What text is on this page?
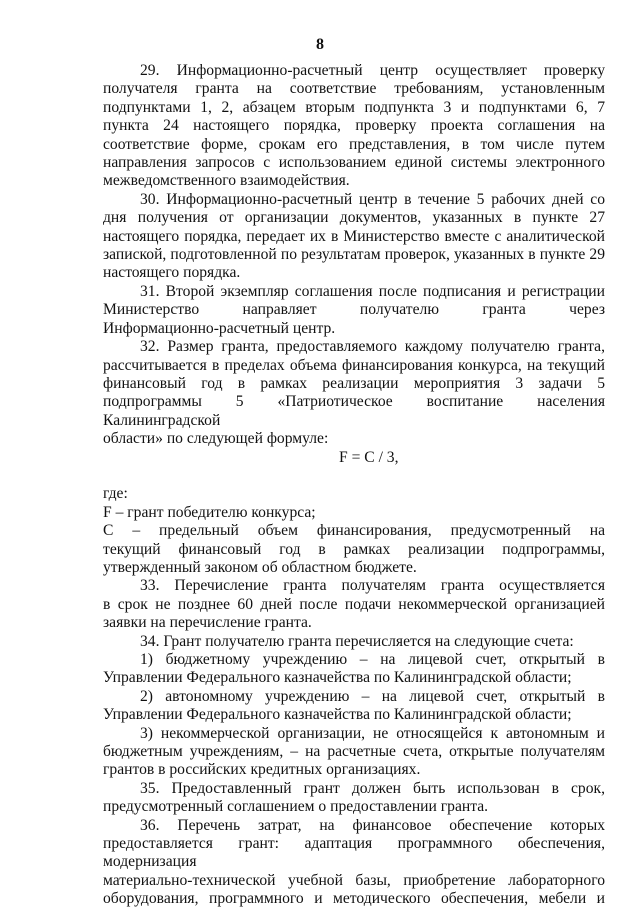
8

29. Информационно-расчетный центр осуществляет проверку

получателя гранта на соответствие требованиям, установленным

подпунктами 1, 2, абзацем вторым подпункта 3 и подпунктами 6, 7

пункта 24 настоящего порядка, проверку проекта соглашения на

соответствие форме, срокам его представления, в том числе путем

направления запросов с использованием единой системы электронного

межведомственного взаимодействия.

30. Информационно-расчетный центр в течение 5 рабочих дней со

дня получения от организации документов, указанных в пункте 27

настоящего порядка, передает их в Министерство вместе с аналитической

запиской, подготовленной по результатам проверок, указанных в пункте 29

настоящего порядка.

31. Второй экземпляр соглашения после подписания и регистрации

Министерство направляет получателю гранта через

Информационно-расчетный центр.

32. Размер гранта, предоставляемого каждому получателю гранта,

рассчитывается в пределах объема финансирования конкурса, на текущий

финансовый год в рамках реализации мероприятия 3 задачи 5

подпрограммы 5 «Патриотическое воспитание населения Калининградской

области» по следующей формуле:

F = C / 3,

где:

F – грант победителю конкурса;

С – предельный объем финансирования, предусмотренный на

текущий финансовый год в рамках реализации подпрограммы,

утвержденный законом об областном бюджете.

33. Перечисление гранта получателям гранта осуществляется

в срок не позднее 60 дней после подачи некоммерческой организацией

заявки на перечисление гранта.

34. Грант получателю гранта перечисляется на следующие счета:

1) бюджетному учреждению – на лицевой счет, открытый в

Управлении Федерального казначейства по Калининградской области;

2) автономному учреждению – на лицевой счет, открытый в

Управлении Федерального казначейства по Калининградской области;

3) некоммерческой организации, не относящейся к автономным и

бюджетным учреждениям, – на расчетные счета, открытые получателям

грантов в российских кредитных организациях.

35. Предоставленный грант должен быть использован в срок,

предусмотренный соглашением о предоставлении гранта.

36. Перечень затрат, на финансовое обеспечение которых

предоставляется грант: адаптация программного обеспечения, модернизация

материально-технической учебной базы, приобретение лабораторного

оборудования, программного и методического обеспечения, мебели и
